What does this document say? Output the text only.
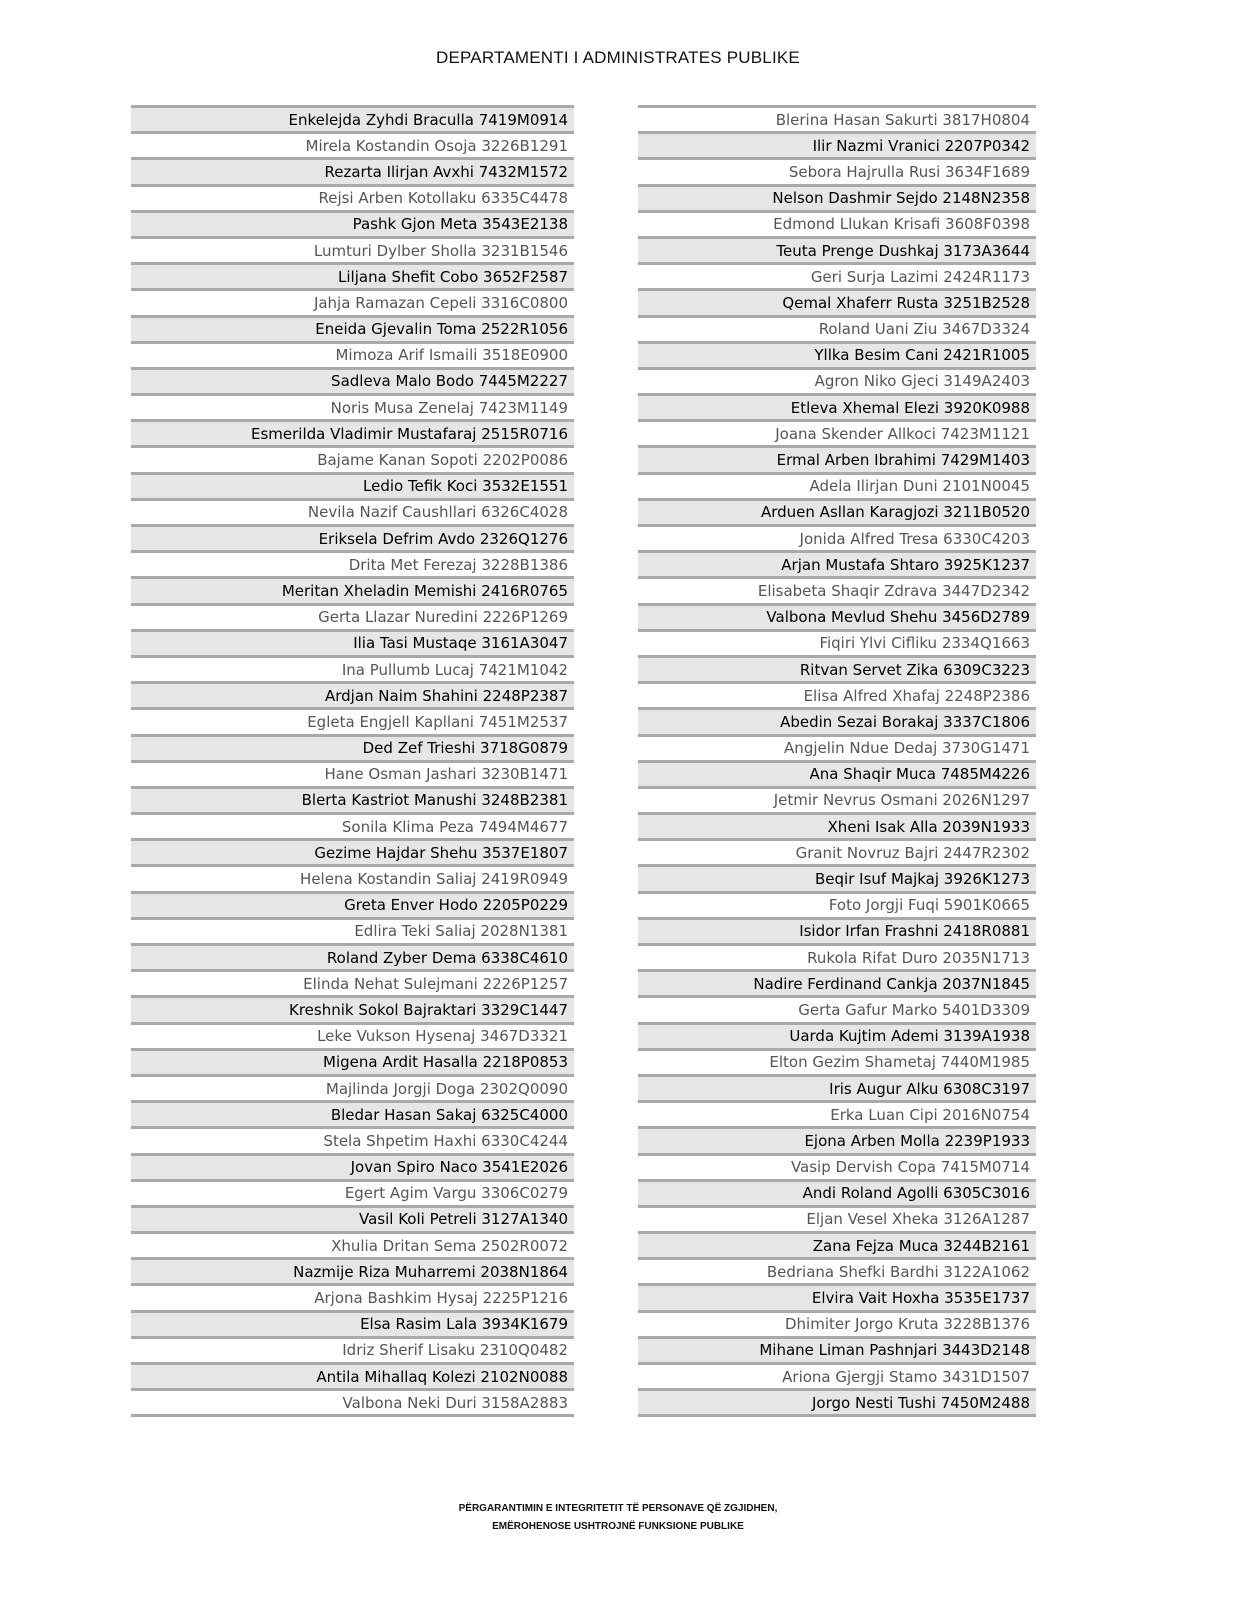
DEPARTAMENTI I ADMINISTRATES PUBLIKE
Enkelejda Zyhdi Braculla 7419M0914
Mirela Kostandin Osoja 3226B1291
Rezarta Ilirjan Avxhi 7432M1572
Rejsi Arben Kotollaku 6335C4478
Pashk Gjon Meta 3543E2138
Lumturi Dylber Sholla 3231B1546
Liljana Shefit Cobo 3652F2587
Jahja Ramazan Cepeli 3316C0800
Eneida Gjevalin Toma 2522R1056
Mimoza Arif Ismaili 3518E0900
Sadleva Malo Bodo 7445M2227
Noris Musa Zenelaj 7423M1149
Esmerilda Vladimir Mustafaraj 2515R0716
Bajame Kanan Sopoti 2202P0086
Ledio Tefik Koci 3532E1551
Nevila Nazif Caushllari 6326C4028
Eriksela Defrim Avdo 2326Q1276
Drita Met Ferezaj 3228B1386
Meritan Xheladin Memishi 2416R0765
Gerta Llazar Nuredini 2226P1269
Ilia Tasi Mustaqe 3161A3047
Ina Pullumb Lucaj 7421M1042
Ardjan Naim Shahini 2248P2387
Egleta Engjell Kapllani 7451M2537
Ded Zef Trieshi 3718G0879
Hane Osman Jashari 3230B1471
Blerta Kastriot Manushi 3248B2381
Sonila Klima Peza 7494M4677
Gezime Hajdar Shehu 3537E1807
Helena Kostandin Saliaj 2419R0949
Greta Enver Hodo 2205P0229
Edlira Teki Saliaj 2028N1381
Roland Zyber Dema 6338C4610
Elinda Nehat Sulejmani 2226P1257
Kreshnik Sokol Bajraktari 3329C1447
Leke Vukson Hysenaj 3467D3321
Migena Ardit Hasalla 2218P0853
Majlinda Jorgji Doga 2302Q0090
Bledar Hasan Sakaj 6325C4000
Stela Shpetim Haxhi 6330C4244
Jovan Spiro Naco 3541E2026
Egert Agim Vargu 3306C0279
Vasil Koli Petreli 3127A1340
Xhulia Dritan Sema 2502R0072
Nazmije Riza Muharremi 2038N1864
Arjona Bashkim Hysaj 2225P1216
Elsa Rasim Lala 3934K1679
Idriz Sherif Lisaku 2310Q0482
Antila Mihallaq Kolezi 2102N0088
Valbona Neki Duri 3158A2883
Blerina Hasan Sakurti 3817H0804
Ilir Nazmi Vranici 2207P0342
Sebora Hajrulla Rusi 3634F1689
Nelson Dashmir Sejdo 2148N2358
Edmond Llukan Krisafi 3608F0398
Teuta Prenge Dushkaj 3173A3644
Geri Surja Lazimi 2424R1173
Qemal Xhaferr Rusta 3251B2528
Roland Uani Ziu 3467D3324
Yllka Besim Cani 2421R1005
Agron Niko Gjeci 3149A2403
Etleva Xhemal Elezi 3920K0988
Joana Skender Allkoci 7423M1121
Ermal Arben Ibrahimi 7429M1403
Adela Ilirjan Duni 2101N0045
Arduen Asllan Karagjozi 3211B0520
Jonida Alfred Tresa 6330C4203
Arjan Mustafa Shtaro 3925K1237
Elisabeta Shaqir Zdrava 3447D2342
Valbona Mevlud Shehu 3456D2789
Fiqiri Ylvi Cifliku 2334Q1663
Ritvan Servet Zika 6309C3223
Elisa Alfred Xhafaj 2248P2386
Abedin Sezai Borakaj 3337C1806
Angjelin Ndue Dedaj 3730G1471
Ana Shaqir Muca 7485M4226
Jetmir Nevrus Osmani 2026N1297
Xheni Isak Alla 2039N1933
Granit Novruz Bajri 2447R2302
Beqir Isuf Majkaj 3926K1273
Foto Jorgji Fuqi 5901K0665
Isidor Irfan Frashni 2418R0881
Rukola Rifat Duro 2035N1713
Nadire Ferdinand Cankja 2037N1845
Gerta Gafur Marko 5401D3309
Uarda Kujtim Ademi 3139A1938
Elton Gezim Shametaj 7440M1985
Iris Augur Alku 6308C3197
Erka Luan Cipi 2016N0754
Ejona Arben Molla 2239P1933
Vasip Dervish Copa 7415M0714
Andi Roland Agolli 6305C3016
Eljan Vesel Xheka 3126A1287
Zana Fejza Muca 3244B2161
Bedriana Shefki Bardhi 3122A1062
Elvira Vait Hoxha 3535E1737
Dhimiter Jorgo Kruta 3228B1376
Mihane Liman Pashnjari 3443D2148
Ariona Gjergji Stamo 3431D1507
Jorgo Nesti Tushi 7450M2488
PËRGARANTIMIN E INTEGRITETIT TË PERSONAVE QË ZGJIDHEN,
EMËROHENOSE USHTROJNË FUNKSIONE PUBLIKE
